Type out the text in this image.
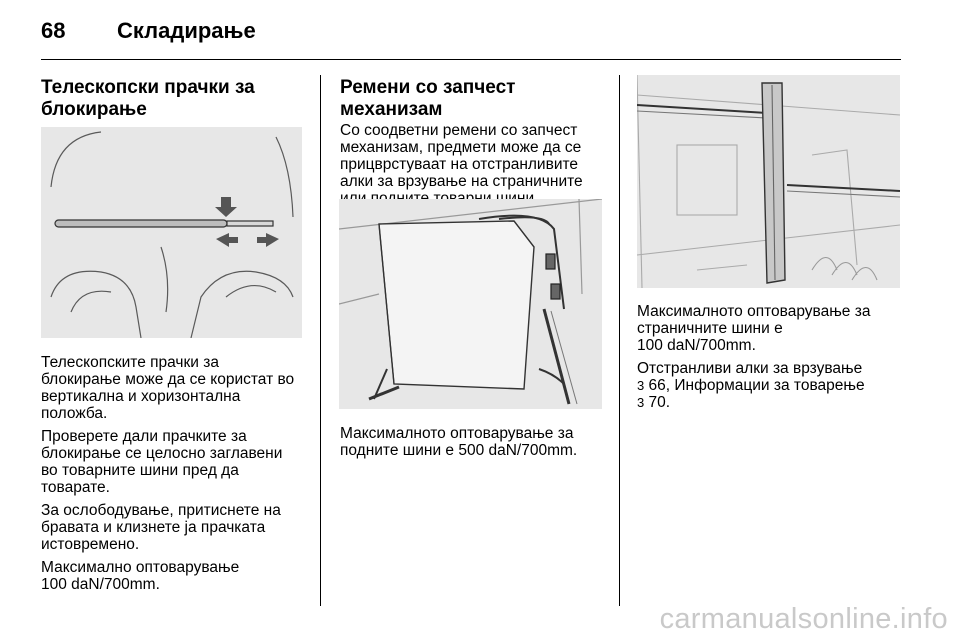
68 Складирање
Телескопски прачки за блокирање

Телескопските прачки за
блокирање може да се користат во
вертикална и хоризонтална
положба.

Проверете дали прачките за
блокирање се целосно заглавени
во товарните шини пред да
товарате.

За ослободување, притиснете на
бравата и клизнете ја прачката
истовремено.

Максимално оптоварување
100 daN/700mm.

Ремени со запчест механизам

Со соодветни ремени со запчест
механизам, предмети може да се
прицврстуваат на отстранливите
алки за врзување на страничните

Максималното оптоварување за
подните шини е 500 daN/700mm.

Максималното оптоварување за
страничните шини е
100 daN/700mm.

Отстранливи алки за врзување
3 66, Информации за товарење
3 70.

carmanualsonline.info
